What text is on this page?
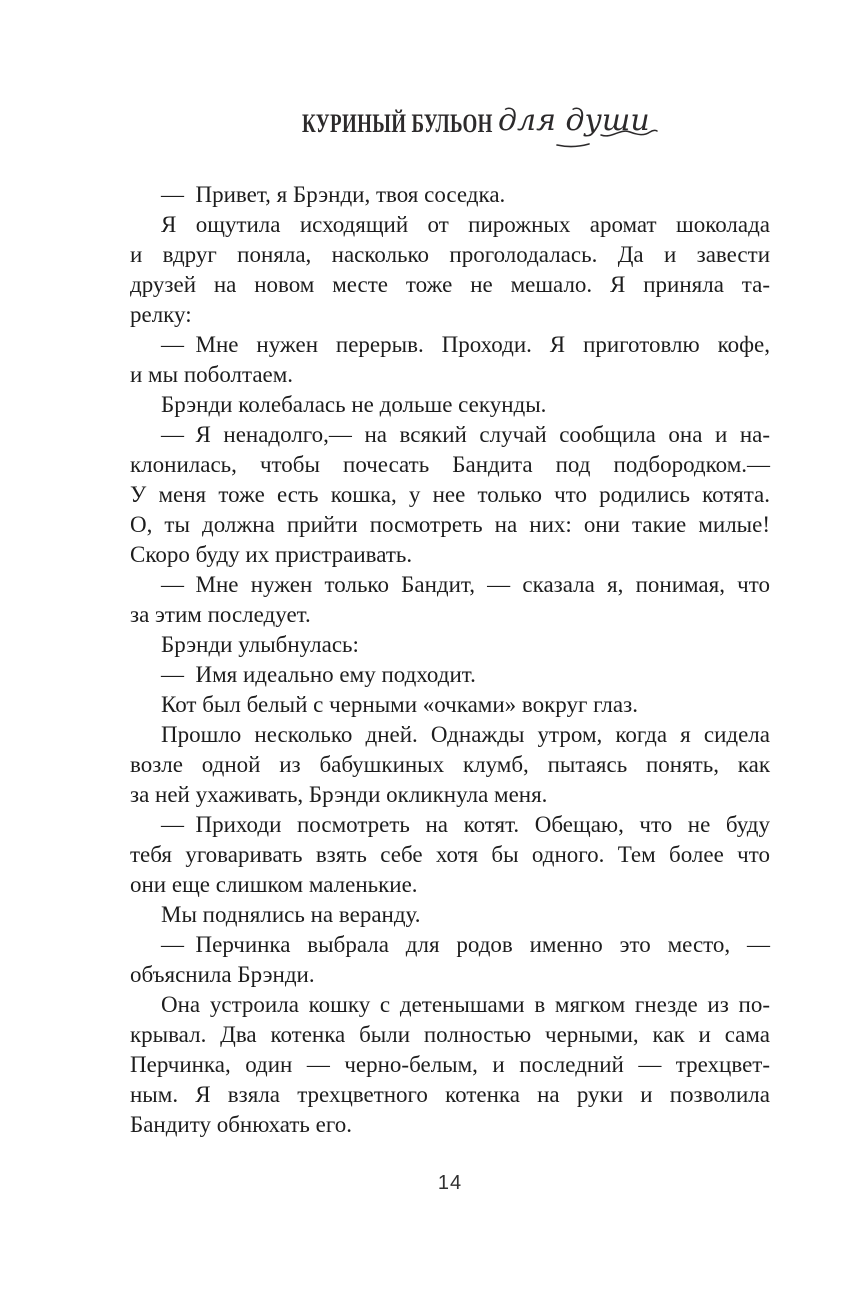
КУРИНЫЙ БУЛЬОН для души
— Привет, я Брэнди, твоя соседка.
Я ощутила исходящий от пирожных аромат шоколада
и вдруг поняла, насколько проголодалась. Да и завести
друзей на новом месте тоже не мешало. Я приняла та-
релку:
— Мне нужен перерыв. Проходи. Я приготовлю кофе,
и мы поболтаем.
Брэнди колебалась не дольше секунды.
— Я ненадолго,— на всякий случай сообщила она и на-
клонилась, чтобы почесать Бандита под подбородком.—
У меня тоже есть кошка, у нее только что родились котята.
О, ты должна прийти посмотреть на них: они такие милые!
Скоро буду их пристраивать.
— Мне нужен только Бандит, — сказала я, понимая, что
за этим последует.
Брэнди улыбнулась:
— Имя идеально ему подходит.
Кот был белый с черными «очками» вокруг глаз.
Прошло несколько дней. Однажды утром, когда я сидела
возле одной из бабушкиных клумб, пытаясь понять, как
за ней ухаживать, Брэнди окликнула меня.
— Приходи посмотреть на котят. Обещаю, что не буду
тебя уговаривать взять себе хотя бы одного. Тем более что
они еще слишком маленькие.
Мы поднялись на веранду.
— Перчинка выбрала для родов именно это место, —
объяснила Брэнди.
Она устроила кошку с детенышами в мягком гнезде из по-
крывал. Два котенка были полностью черными, как и сама
Перчинка, один — черно-белым, и последний — трехцвет-
ным. Я взяла трехцветного котенка на руки и позволила
Бандиту обнюхать его.
14
